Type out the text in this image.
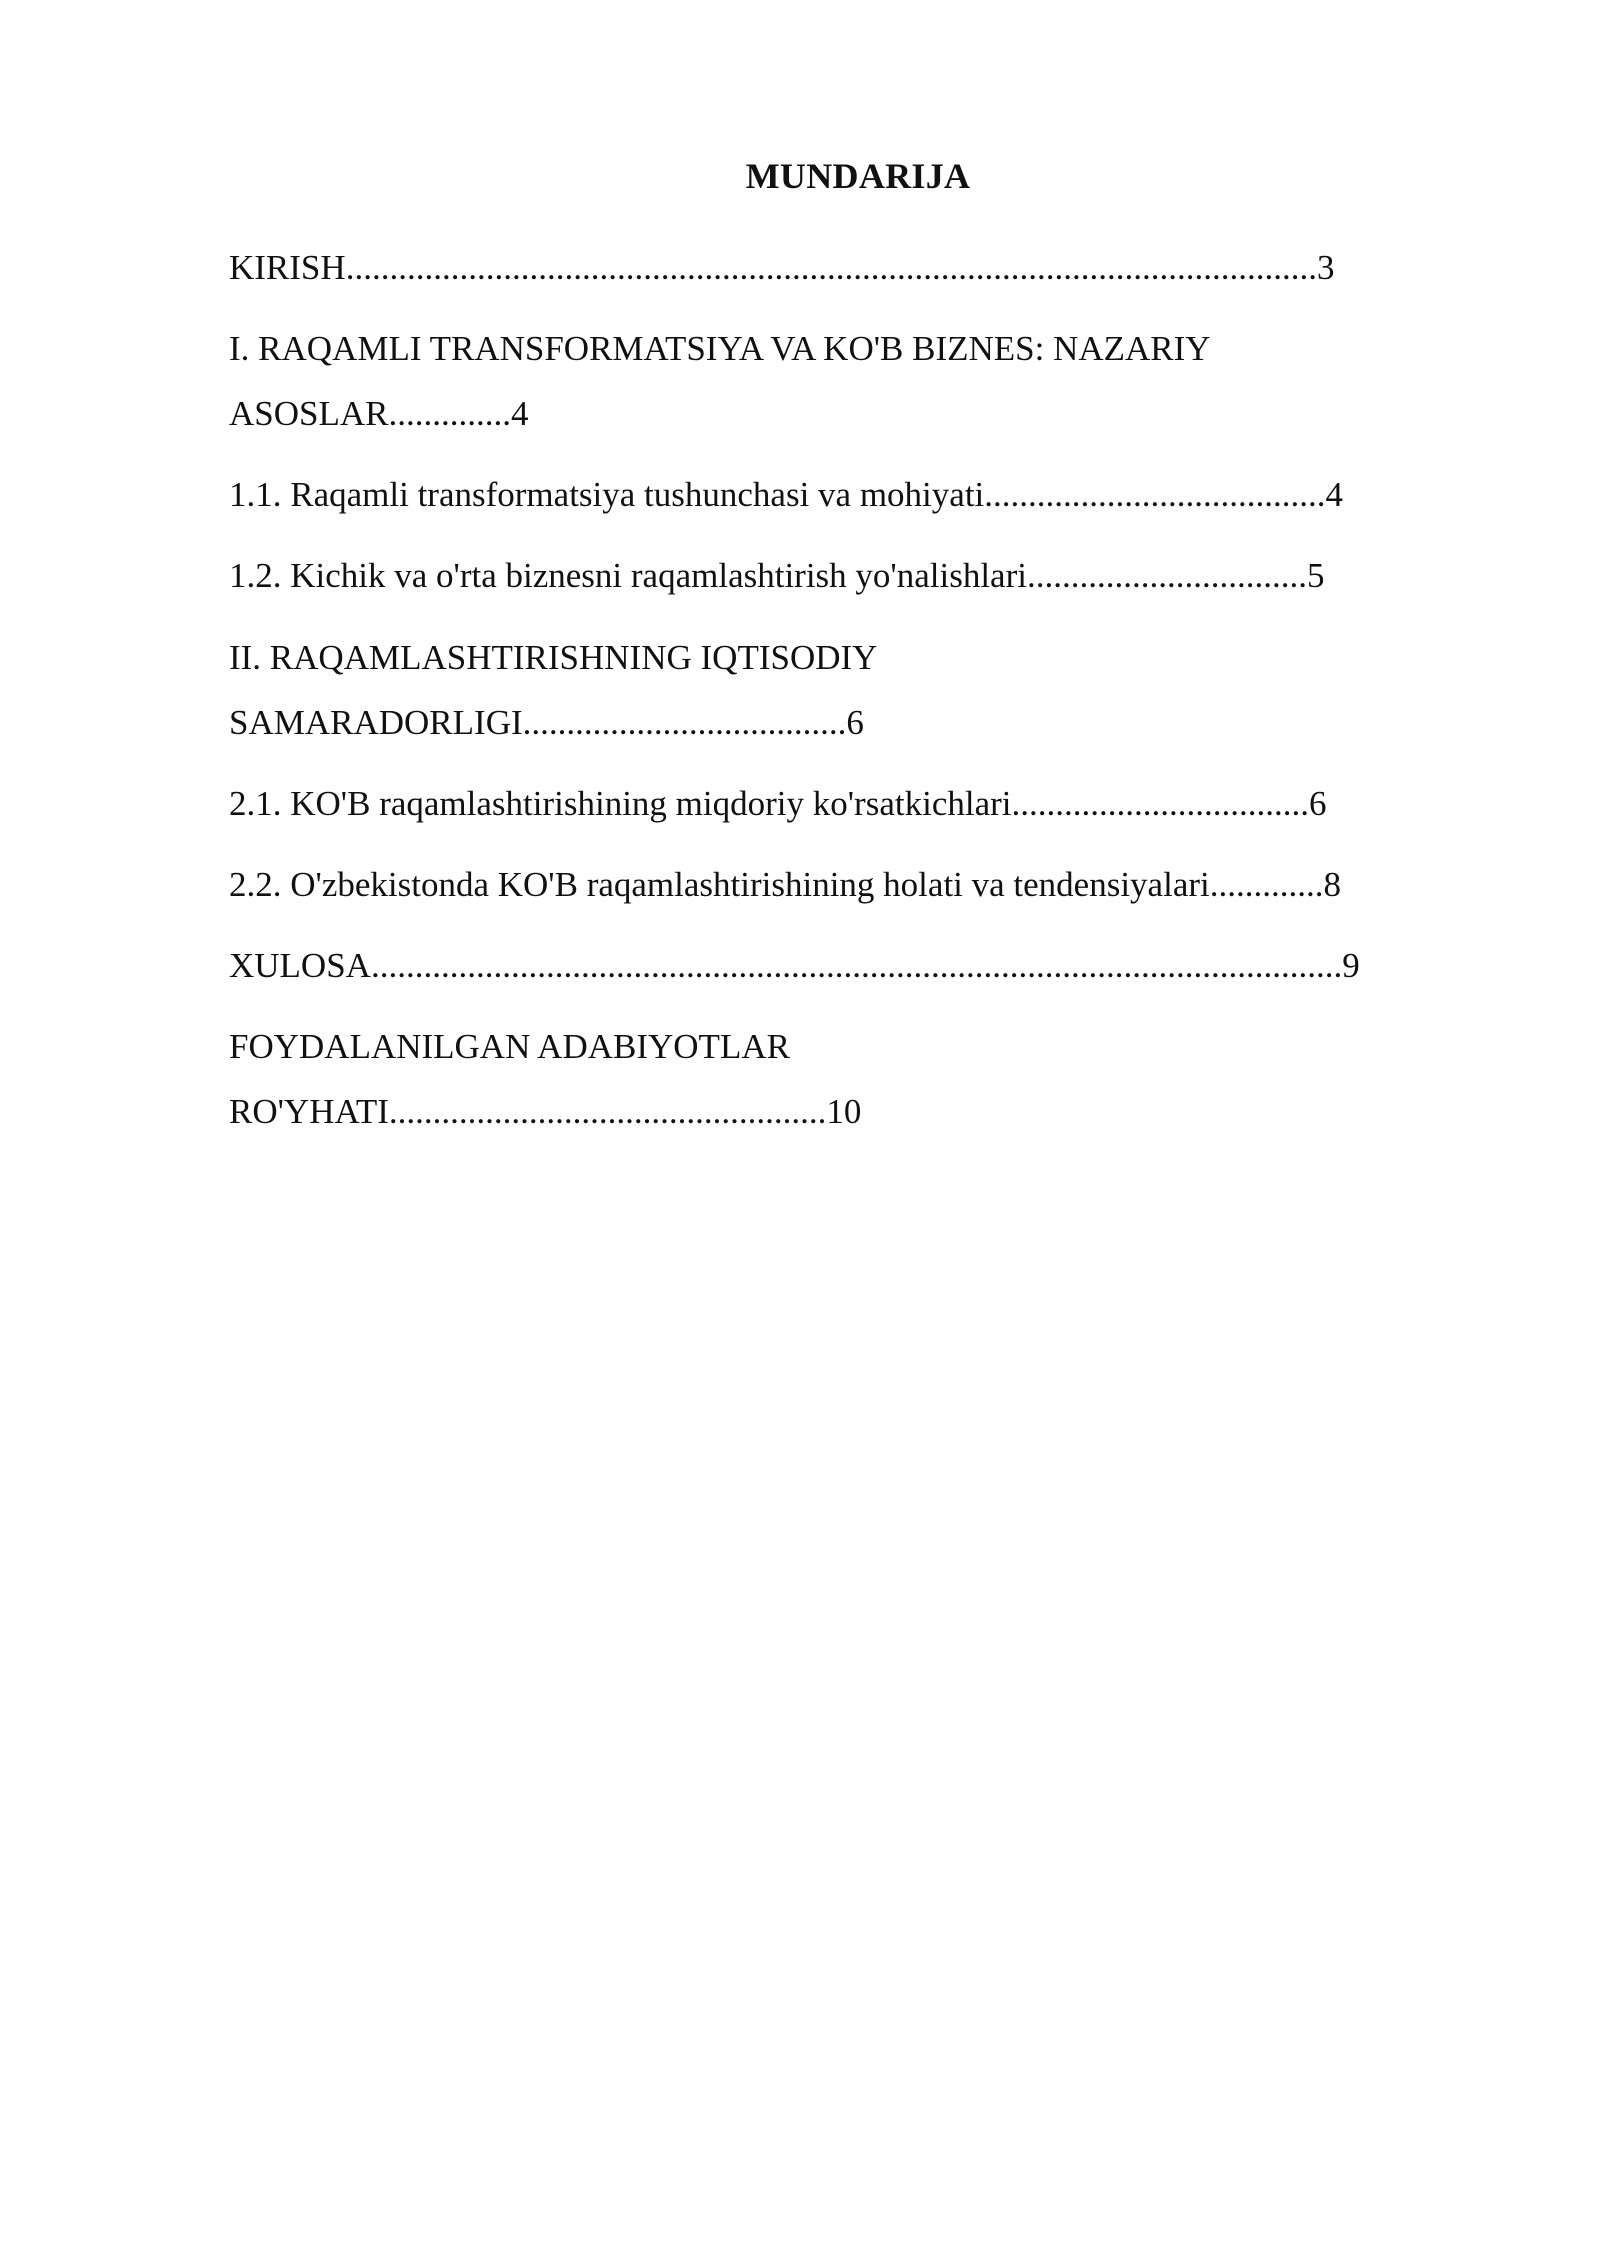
MUNDARIJA
KIRISH...............................................................................................................3
I. RAQAMLI TRANSFORMATSIYA VA KO'B BIZNES: NAZARIY
ASOSLAR..............4
1.1. Raqamli transformatsiya tushunchasi va mohiyati.......................................4
1.2. Kichik va o'rta biznesni raqamlashtirish yo'nalishlari................................5
II. RAQAMLASHTIRISHNING IQTISODIY
SAMARADORLIGI.....................................6
2.1. KO'B raqamlashtirishining miqdoriy ko'rsatkichlari..................................6
2.2. O'zbekistonda KO'B raqamlashtirishining holati va tendensiyalari.............8
XULOSA...............................................................................................................9
FOYDALANILGAN ADABIYOTLAR
RO'YHATI..................................................10
